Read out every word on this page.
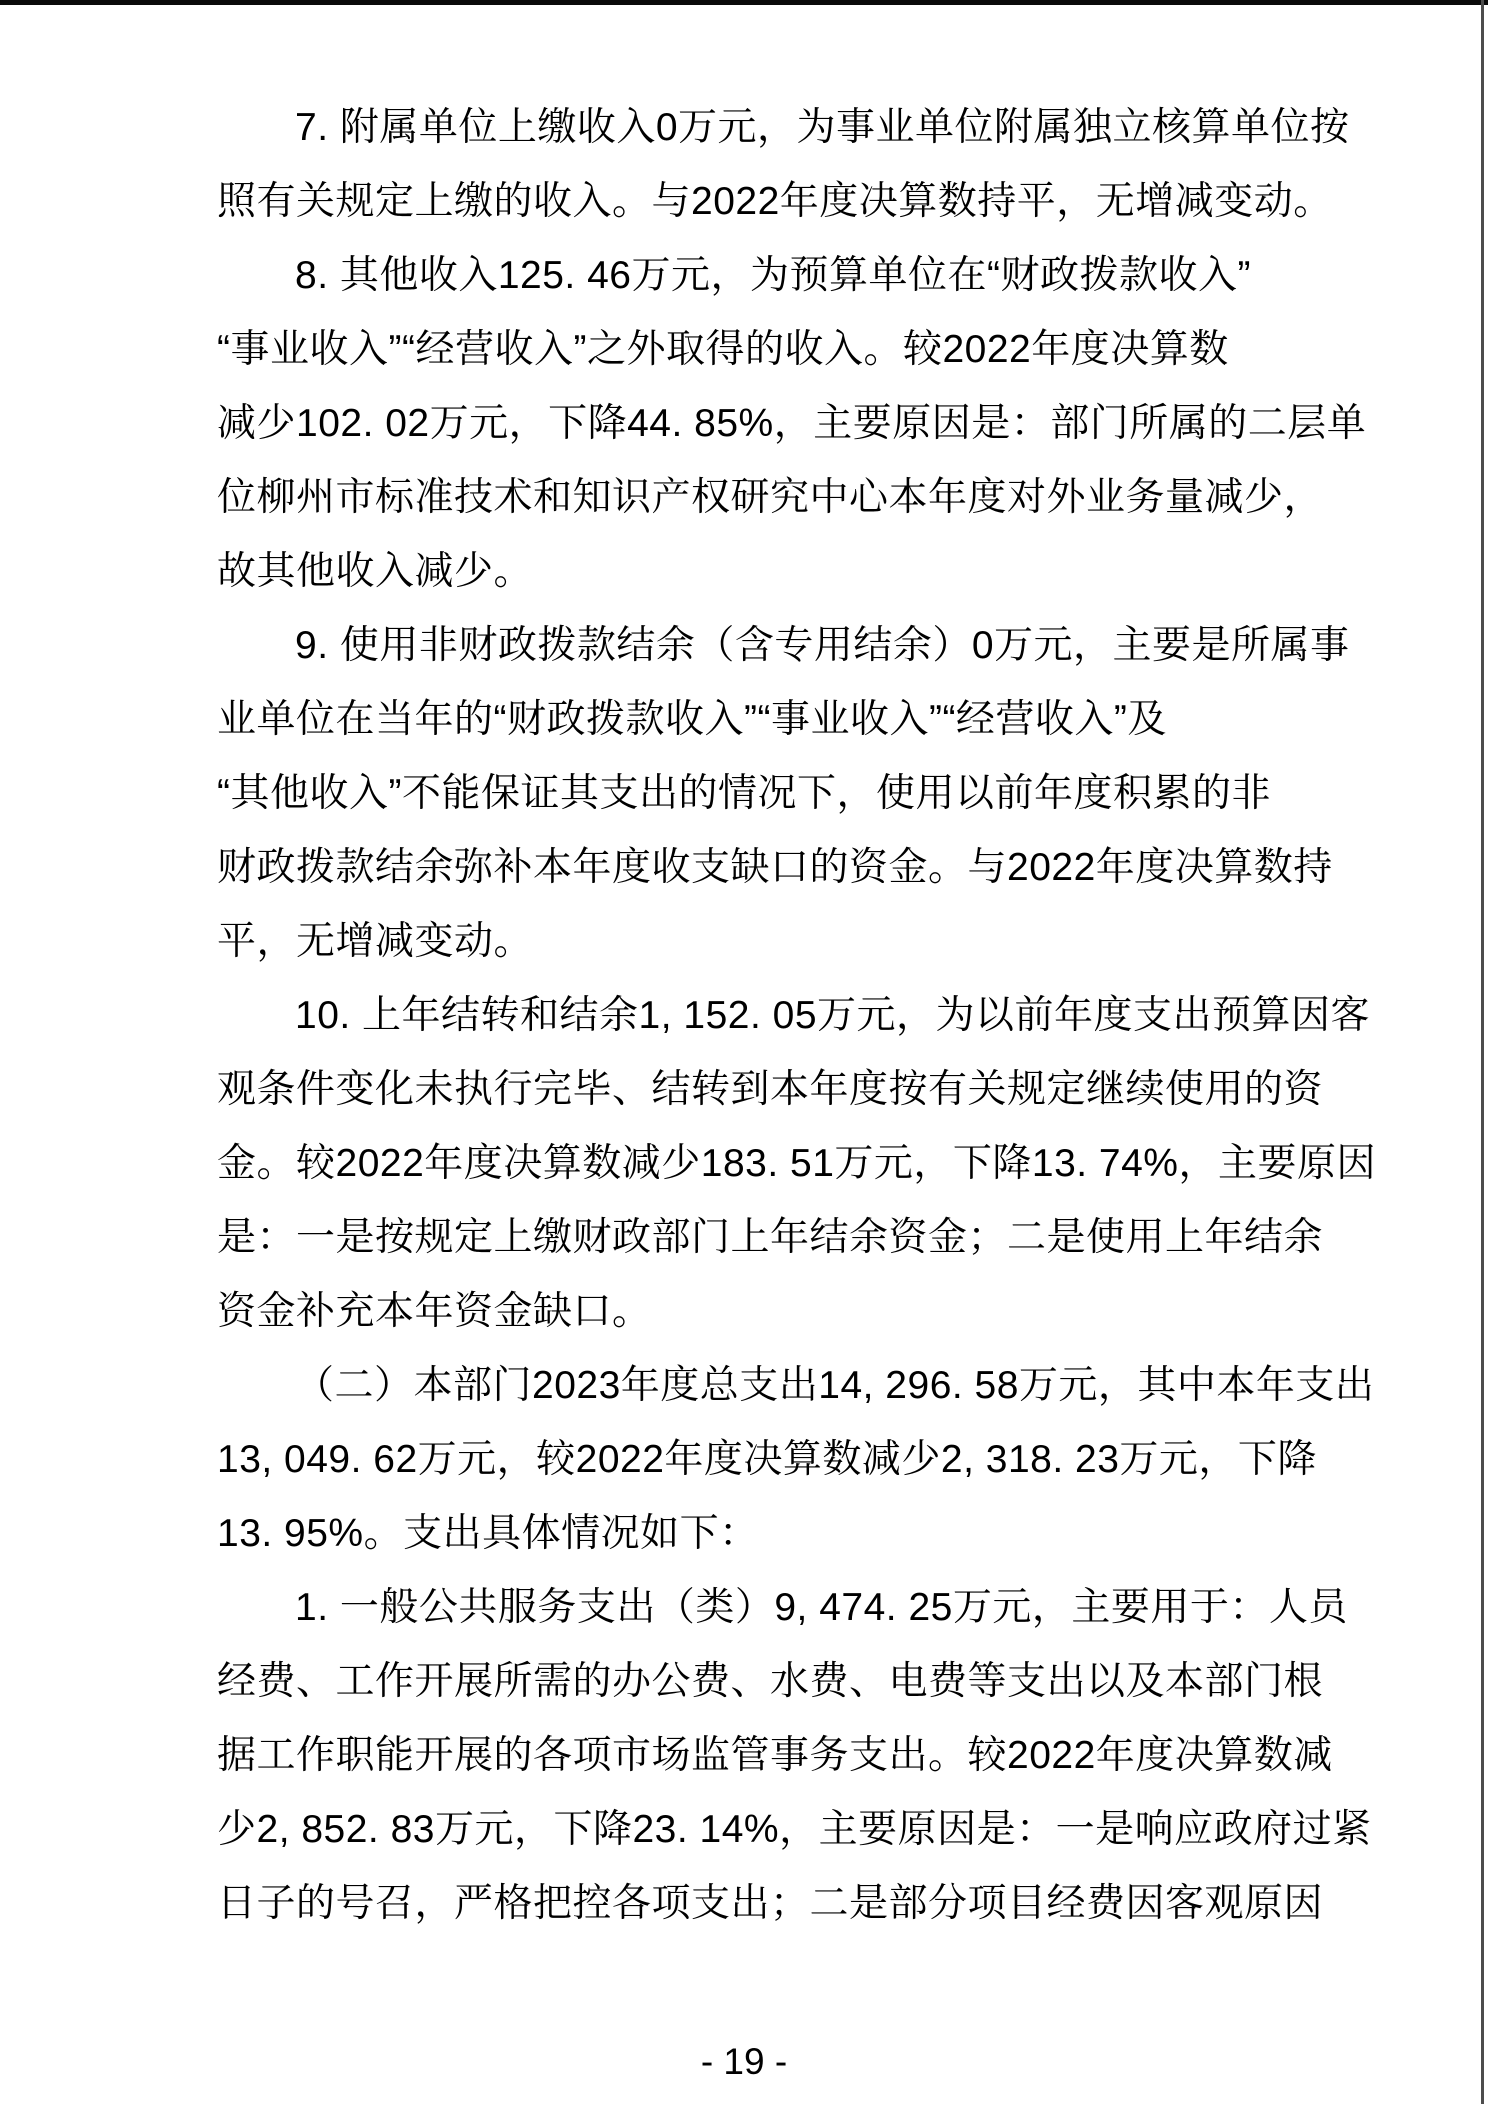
7. 附属单位上缴收入0万元，为事业单位附属独立核算单位按
照有关规定上缴的收入。与2022年度决算数持平，无增减变动。
8. 其他收入125. 46万元，为预算单位在“财政拨款收入”
“事业收入”“经营收入”之外取得的收入。较2022年度决算数
减少102. 02万元，下降44. 85%，主要原因是：部门所属的二层单
位柳州市标准技术和知识产权研究中心本年度对外业务量减少，
故其他收入减少。
9. 使用非财政拨款结余（含专用结余）0万元，主要是所属事
业单位在当年的“财政拨款收入”“事业收入”“经营收入”及
“其他收入”不能保证其支出的情况下，使用以前年度积累的非
财政拨款结余弥补本年度收支缺口的资金。与2022年度决算数持
平，无增减变动。
10. 上年结转和结余1, 152. 05万元，为以前年度支出预算因客
观条件变化未执行完毕、结转到本年度按有关规定继续使用的资
金。较2022年度决算数减少183. 51万元，下降13. 74%，主要原因
是：一是按规定上缴财政部门上年结余资金；二是使用上年结余
资金补充本年资金缺口。
（二）本部门2023年度总支出14, 296. 58万元，其中本年支出
13, 049. 62万元，较2022年度决算数减少2, 318. 23万元，下降
13. 95%。支出具体情况如下：
1. 一般公共服务支出（类）9, 474. 25万元，主要用于：人员
经费、工作开展所需的办公费、水费、电费等支出以及本部门根
据工作职能开展的各项市场监管事务支出。较2022年度决算数减
少2, 852. 83万元，下降23. 14%，主要原因是：一是响应政府过紧
日子的号召，严格把控各项支出；二是部分项目经费因客观原因
- 19 -
